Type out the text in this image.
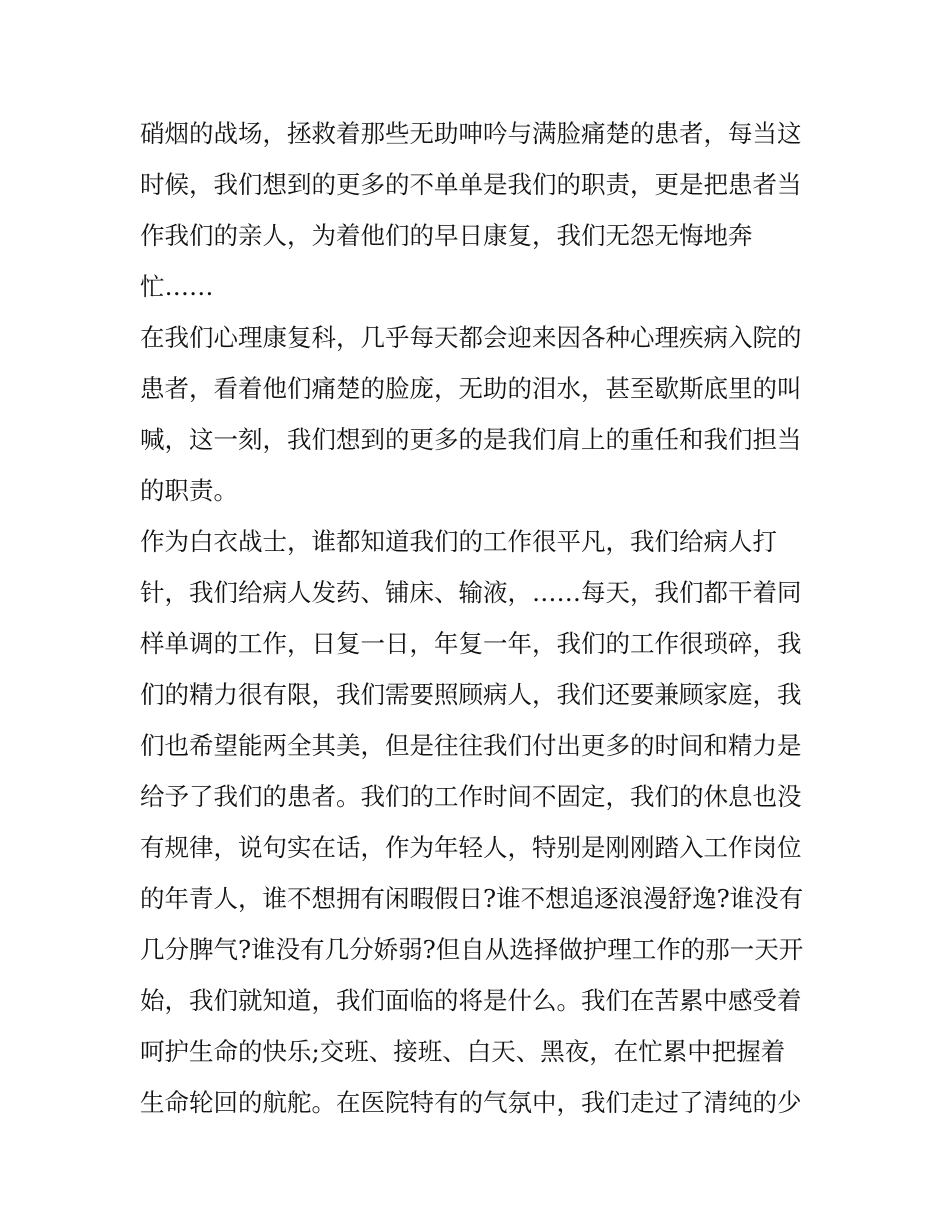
硝烟的战场，拯救着那些无助呻吟与满脸痛楚的患者，每当这
时候，我们想到的更多的不单单是我们的职责，更是把患者当
作我们的亲人，为着他们的早日康复，我们无怨无悔地奔
忙……
在我们心理康复科，几乎每天都会迎来因各种心理疾病入院的
患者，看着他们痛楚的脸庞，无助的泪水，甚至歇斯底里的叫
喊，这一刻，我们想到的更多的是我们肩上的重任和我们担当
的职责。
作为白衣战士，谁都知道我们的工作很平凡，我们给病人打
针，我们给病人发药、铺床、输液，……每天，我们都干着同
样单调的工作，日复一日，年复一年，我们的工作很琐碎，我
们的精力很有限，我们需要照顾病人，我们还要兼顾家庭，我
们也希望能两全其美，但是往往我们付出更多的时间和精力是
给予了我们的患者。我们的工作时间不固定，我们的休息也没
有规律，说句实在话，作为年轻人，特别是刚刚踏入工作岗位
的年青人，谁不想拥有闲暇假日?谁不想追逐浪漫舒逸?谁没有
几分脾气?谁没有几分娇弱?但自从选择做护理工作的那一天开
始，我们就知道，我们面临的将是什么。我们在苦累中感受着
呵护生命的快乐;交班、接班、白天、黑夜，在忙累中把握着
生命轮回的航舵。在医院特有的气氛中，我们走过了清纯的少
